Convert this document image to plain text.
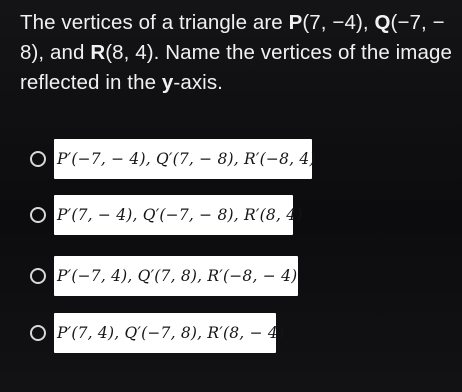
The vertices of a triangle are P(7, −4), Q(−7, −
8), and R(8, 4). Name the vertices of the image
reflected in the y-axis.
P′(−7, − 4), Q′(7, − 8), R′(−8, 4)
P′(7, − 4), Q′(−7, − 8), R′(8, 4)
P′(−7, 4), Q′(7, 8), R′(−8, − 4)
P′(7, 4), Q′(−7, 8), R′(8, − 4)
